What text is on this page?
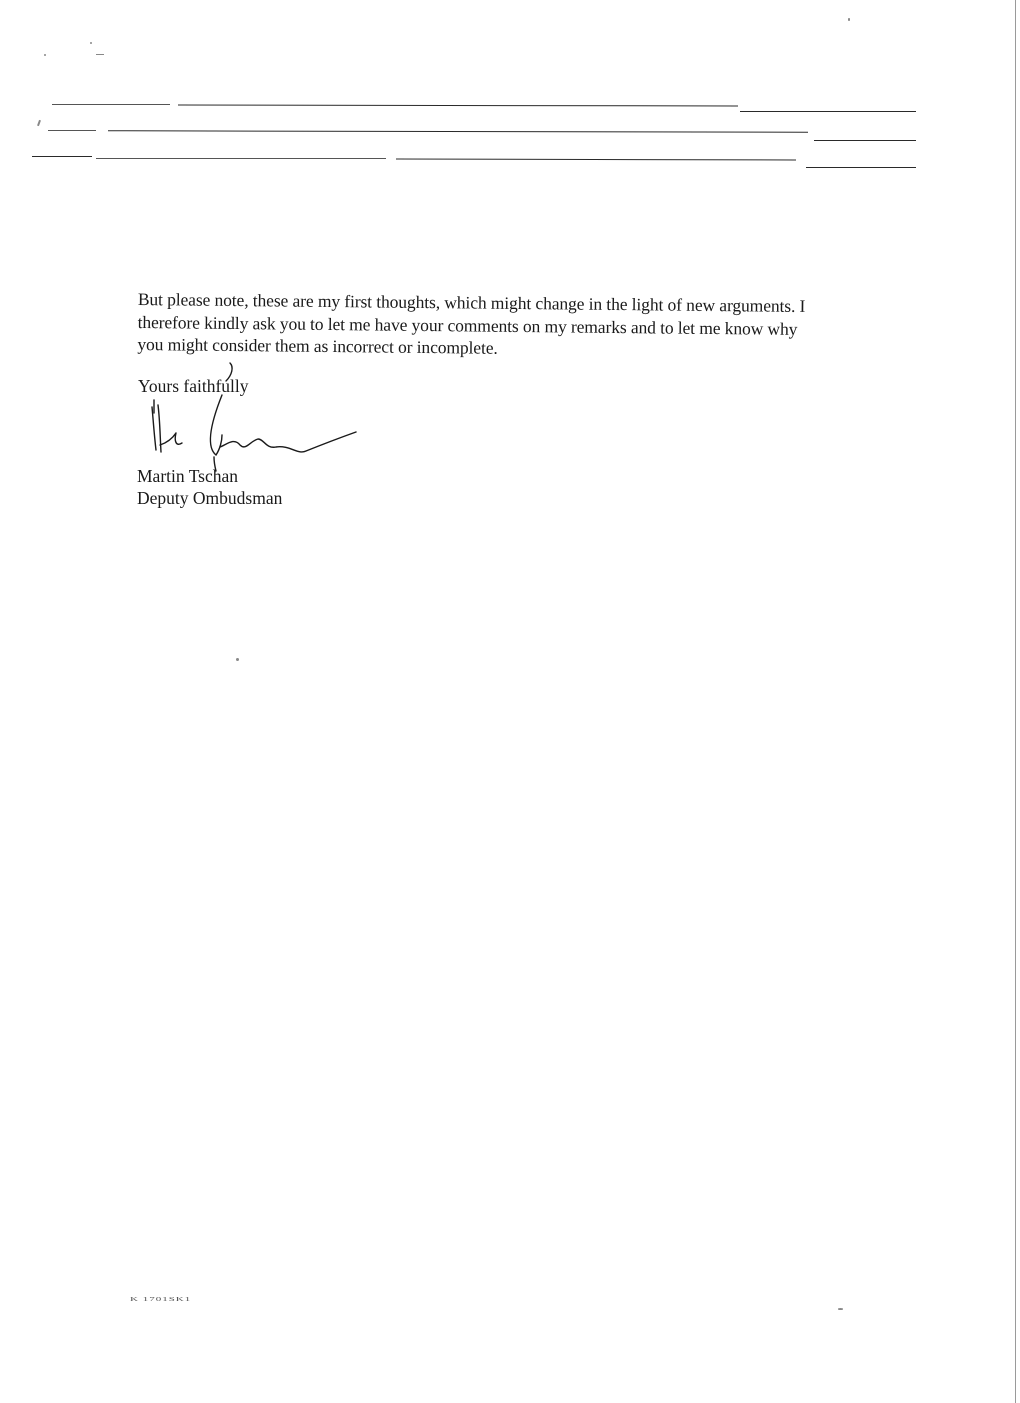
But please note, these are my first thoughts, which might change in the light of new arguments. I

therefore kindly ask you to let me have your comments on my remarks and to let me know why

you might consider them as incorrect or incomplete.

Yours faithfully
Martin Tschan
Deputy Ombudsman
K 1701SK1
